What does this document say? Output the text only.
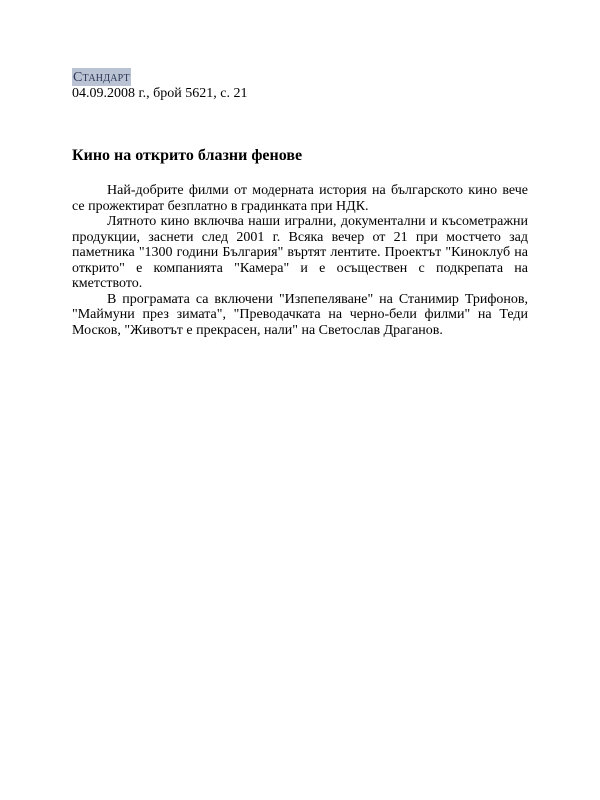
Стандарт
04.09.2008 г., брой 5621, с. 21
Кино на открито блазни фенове

Най-добрите филми от модерната история на българското кино вече се прожектират безплатно в градинката при НДК.

Лятното кино включва наши игрални, документални и късометражни продукции, заснети след 2001 г. Всяка вечер от 21 при мостчето зад паметника "1300 години България" въртят лентите. Проектът "Киноклуб на открито" е компанията "Камера" и е осъществен с подкрепата на кметството.

В програмата са включени "Изпепеляване" на Станимир Трифонов, "Маймуни през зимата", "Преводачката на черно-бели филми" на Теди Москов, "Животът е прекрасен, нали" на Светослав Драганов.
